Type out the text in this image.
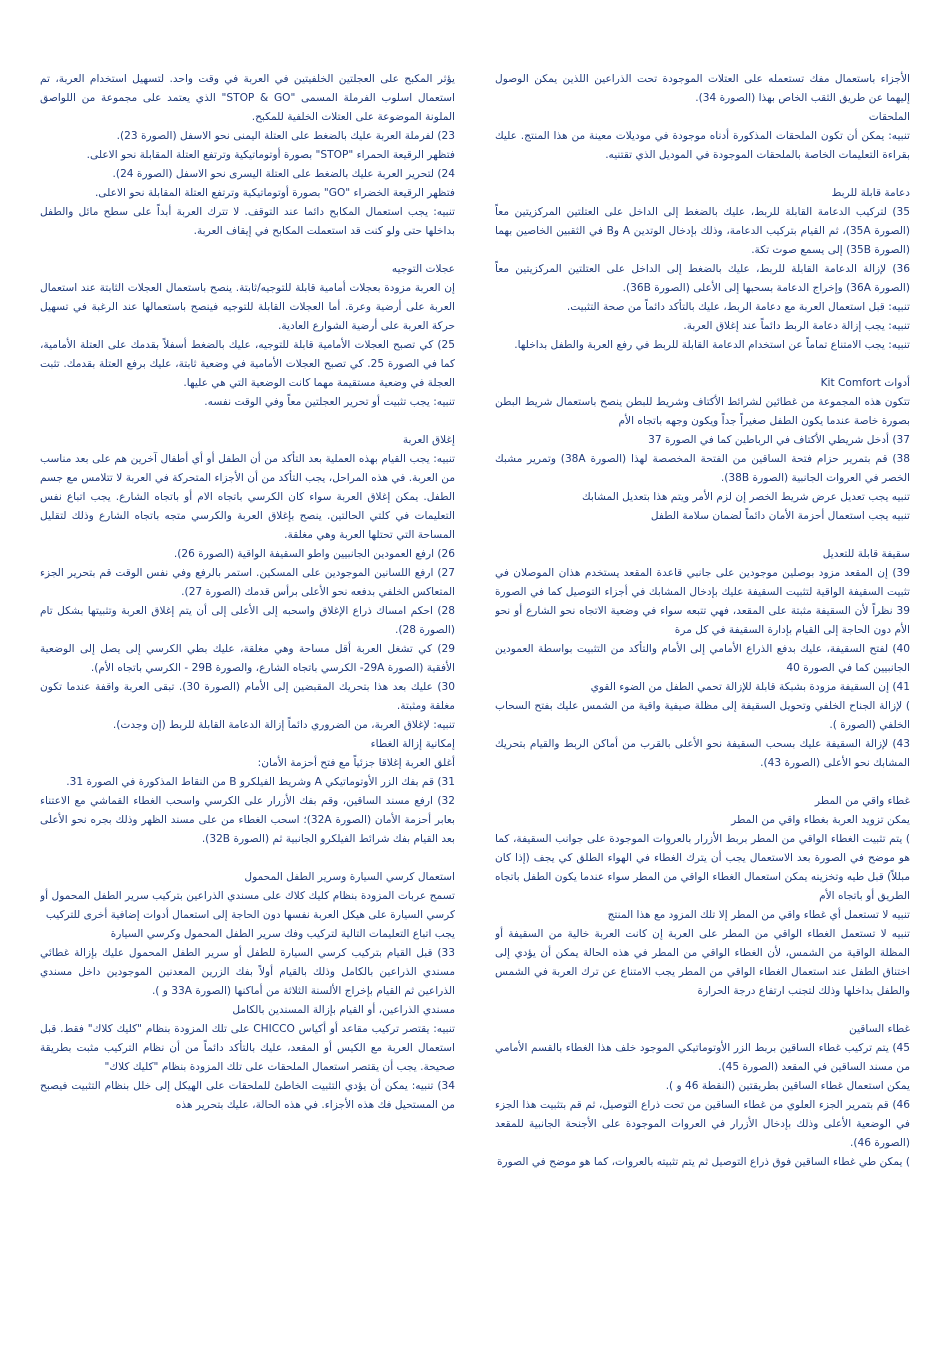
يؤثر المكبح على العجلتين الخلفيتين في العربة في وقت واحد. لتسهيل استخدام العربة، تم استعمال اسلوب الفرملة المسمى "STOP & GO" الذي يعتمد على مجموعة من اللواصق الملونة الموضوعة على العتلات الخلفية للمكبح.
23) لفرملة العربة عليك بالضغط على العتلة اليمنى نحو الاسفل (الصورة 23).
فتظهر الرقيعة الحمراء "STOP" بصورة أوتوماتيكية وترتفع العتلة المقابلة نحو الاعلى.
24) لتحرير العربة عليك بالضغط على العتلة اليسرى نحو الاسفل (الصورة 24).
فتظهر الرقيعة الخضراء "GO" بصورة أوتوماتيكية وترتفع العتلة المقابلة نحو الاعلى.
تنبيه: يجب استعمال المكابح دائما عند التوقف. لا تترك العربة أبداً على سطح مائل والطفل بداخلها حتى ولو كنت قد استعملت المكابح في إيقاف العربة.
عجلات التوجيه
إن العربة مزودة بعجلات أمامية قابلة للتوجيه/ثابتة. ينصح باستعمال العجلات الثابتة عند استعمال العربة على أرضية وعرة. أما العجلات القابلة للتوجيه فينصح باستعمالها عند الرغبة في تسهيل حركة العربة على أرضية الشوارع العادية.
25) كي تصبح العجلات الأمامية قابلة للتوجيه، عليك بالضغط أسفلاً بقدمك على العتلة الأمامية، كما في الصورة 25. كي تصبح العجلات الأمامية في وضعية ثابتة، عليك برفع العتلة بقدمك. تثبت العجلة في وضعية مستقيمة مهما كانت الوضعية التي هي عليها.
تنبيه: يجب تثبيت أو تحرير العجلتين معاً وفي الوقت نفسه.
إغلاق العربة
تنبيه: يجب القيام بهذه العملية بعد التأكد من أن الطفل أو أي أطفال آخرين هم على بعد مناسب من العربة. في هذه المراحل، يجب التأكد من أن الأجزاء المتحركة في العربة لا تتلامس مع جسم الطفل. يمكن إغلاق العربة سواء كان الكرسي باتجاه الام أو باتجاه الشارع. يجب اتباع نفس التعليمات في كلتي الحالتين. ينصح بإغلاق العربة والكرسي متجه باتجاه الشارع وذلك لتقليل المساحة التي تحتلها العربة وهي مغلقة.
26) ارفع العمودين الجانبيين واطو السقيفة الواقية (الصورة 26).
27) ارفع اللسانين الموجودين على المسكين. استمر بالرفع وفي نفس الوقت قم بتحرير الجزء المتعاكس الخلفي بدفعه نحو الأعلى برأس قدمك (الصورة 27).
28) احكم امساك ذراع الإغلاق واسحبه إلى الأعلى إلى أن يتم إغلاق العربة وتثبيتها بشكل تام (الصورة 28).
29) كي تشغل العربة أقل مساحة وهي مغلقة، عليك بطي الكرسي إلى يصل إلى الوضعية الأفقية (الصورة 29A- الكرسي باتجاه الشارع، والصورة 29B - الكرسي باتجاه الأم).
30) عليك بعد هذا بتحريك المقبضين إلى الأمام (الصورة 30). تبقى العربة واقفة عندما تكون مغلقة ومثبتة.
تنبيه: لإغلاق العربة، من الضروري دائماً إزالة الدعامة القابلة للربط (إن وجدت).
إمكانية إزالة الغطاء
أغلق العربة إغلاقا جزئياً مع فتح أحزمة الأمان:
31) قم بفك الزر الأوتوماتيكي A وشريط الفيلكرو B من النقاط المذكورة في الصورة 31.
32) ارفع مسند الساقين، وقم بفك الأزرار على الكرسي واسحب الغطاء القماشي مع الاعتناء بعابر أحزمة الأمان (الصورة 32A)؛ اسحب الغطاء من على مسند الظهر وذلك بجره نحو الأعلى بعد القيام بفك شرائط الفيلكرو الجانبية ثم (الصورة 32B).
استعمال كرسي السيارة وسرير الطفل المحمول
تسمح عربات المزودة بنظام كليك كلاك على مسندي الذراعين بتركيب سرير الطفل المحمول أو كرسي السيارة على هيكل العربة نفسها دون الحاجة إلى استعمال أدوات إضافية أخرى للتركيب
يجب اتباع التعليمات التالية لتركيب وفك سرير الطفل المحمول وكرسي السيارة
33) قبل القيام بتركيب كرسي السيارة للطفل أو سرير الطفل المحمول عليك بإزالة غطائي مسندي الذراعين بالكامل وذلك بالقيام أولاً بفك الزرين المعدنين الموجودين داخل مسندي الذراعين ثم القيام بإخراج الألسنة الثلاثة من أماكنها (الصورة 33A و ).
مسندي الذراعين، أو القيام بإزالة المسندين بالكامل
تنبيه: يقتصر تركيب مقاعد أو أكياس CHICCO على تلك المزودة بنظام "كليك كلاك" فقط. قبل استعمال العربة مع الكيس أو المقعد، عليك بالتأكد دائماً من أن نظام التركيب مثبت بطريقة صحيحة. يجب أن يقتصر استعمال الملحقات على تلك المزودة بنظام "كليك كلاك"
34) تنبيه: يمكن أن يؤدي التثبيت الخاطئ للملحقات على الهيكل إلى خلل بنظام التثبيت فيصبح من المستحيل فك هذه الأجزاء. في هذه الحالة، عليك بتحرير هذه
الأجزاء باستعمال مفك تستعمله على العتلات الموجودة تحت الذراعين اللذين يمكن الوصول إليهما عن طريق الثقب الخاص بهذا (الصورة 34).
الملحقات
تنبيه: يمكن أن تكون الملحقات المذكورة أدناه موجودة في موديلات معينة من هذا المنتج. عليك بقراءة التعليمات الخاصة بالملحقات الموجودة في الموديل الذي تقتنيه.
دعامة قابلة للربط
35) لتركيب الدعامة القابلة للربط، عليك بالضغط إلى الداخل على العتلتين المركزيتين معاً (الصورة 35A)، ثم القيام بتركيب الدعامة، وذلك بإدخال الوتدين A وB في الثقبين الخاصين بهما (الصورة 35B) إلى يسمع صوت تكة.
36) لإزالة الدعامة القابلة للربط، عليك بالضغط إلى الداخل على العتلتين المركزيتين معاً (الصورة 36A) وإخراج الدعامة بسحبها إلى الأعلى (الصورة 36B).
تنبيه: قبل استعمال العربة مع دعامة الربط، عليك بالتأكد دائماً من صحة التثبيت.
تنبيه: يجب إزالة دعامة الربط دائماً عند إغلاق العربة.
تنبيه: يجب الامتناع تماماً عن استخدام الدعامة القابلة للربط في رفع العربة والطفل بداخلها.
أدوات Kit Comfort
تتكون هذه المجموعة من غطائين لشرائط الأكتاف وشريط للبطن ينصح باستعمال شريط البطن بصورة خاصة عندما يكون الطفل صغيراً جداً ويكون وجهه باتجاه الأم
37) أدخل شريطي الأكتاف في الرباطين كما في الصورة 37
38) قم بتمرير حزام فتحة الساقين من الفتحة المخصصة لهذا (الصورة 38A) وتمرير مشبك الخصر في العروات الجانبية (الصورة 38B).
تنبيه يجب تعديل عرض شريط الخصر إن لزم الأمر ويتم هذا بتعديل المشابك
تنبيه يجب استعمال أحزمة الأمان دائماً لضمان سلامة الطفل
سقيفة قابلة للتعديل
39) إن المقعد مزود بوصلين موجودين على جانبي قاعدة المقعد يستخدم هذان الموصلان في تثبيت السقيفة الواقية لتثبيت السقيفة عليك بإدخال المشابك في أجزاء التوصيل كما في الصورة 39 نظراً لأن السقيفة مثبتة على المقعد، فهي تتبعه سواء في وضعية الاتجاه نحو الشارع أو نحو الأم دون الحاجة إلى القيام بإدارة السقيفة في كل مرة
40) لفتح السقيفة، عليك بدفع الذراع الأمامي إلى الأمام والتأكد من التثبيت بواسطة العمودين الجانبيين كما في الصورة 40
41) إن السقيفة مزودة بشبكة قابلة للإزالة تحمي الطفل من الضوء القوي
) لإزالة الجناح الخلفي وتحويل السقيفة إلى مظلة صيفية واقية من الشمس عليك بفتح السحاب الخلفي (الصورة ).
43) لإزالة السقيفة عليك بسحب السقيفة نحو الأعلى بالقرب من أماكن الربط والقيام بتحريك المشابك نحو الأعلى (الصورة 43).
غطاء واقي من المطر
يمكن تزويد العربة بغطاء واقي من المطر
) يتم تثبيت الغطاء الواقي من المطر بربط الأزرار بالعروات الموجودة على جوانب السقيفة، كما هو موضح في الصورة بعد الاستعمال يجب أن يترك الغطاء في الهواء الطلق كي يجف (إذا كان مبللاً) قبل طيه وتخزينه يمكن استعمال الغطاء الواقي من المطر سواء عندما يكون الطفل باتجاه الطريق أو باتجاه الأم
تنبيه لا تستعمل أي غطاء واقي من المطر إلا تلك المزود مع هذا المنتج
تنبيه لا تستعمل الغطاء الواقي من المطر على العربة إن كانت العربة خالية من السقيفة أو المظلة الواقية من الشمس، لأن الغطاء الواقي من المطر في هذه الحالة يمكن أن يؤدي إلى اختناق الطفل عند استعمال الغطاء الواقي من المطر يجب الامتناع عن ترك العربة في الشمس والطفل بداخلها وذلك لتجنب ارتفاع درجة الحرارة
غطاء الساقين
45) يتم تركيب غطاء الساقين بربط الزر الأوتوماتيكي الموجود خلف هذا الغطاء بالقسم الأمامي من مسند الساقين في المقعد (الصورة 45).
يمكن استعمال غطاء الساقين بطريقتين (النقطة 46 و ).
46) قم بتمرير الجزء العلوي من غطاء الساقين من تحت ذراع التوصيل، ثم قم بتثبيت هذا الجزء في الوضعية الأعلى وذلك بإدخال الأزرار في العروات الموجودة على الأجنحة الجانبية للمقعد (الصورة 46).
) يمكن طي غطاء الساقين فوق ذراع التوصيل ثم يتم تثبيته بالعروات، كما هو موضح في الصورة
